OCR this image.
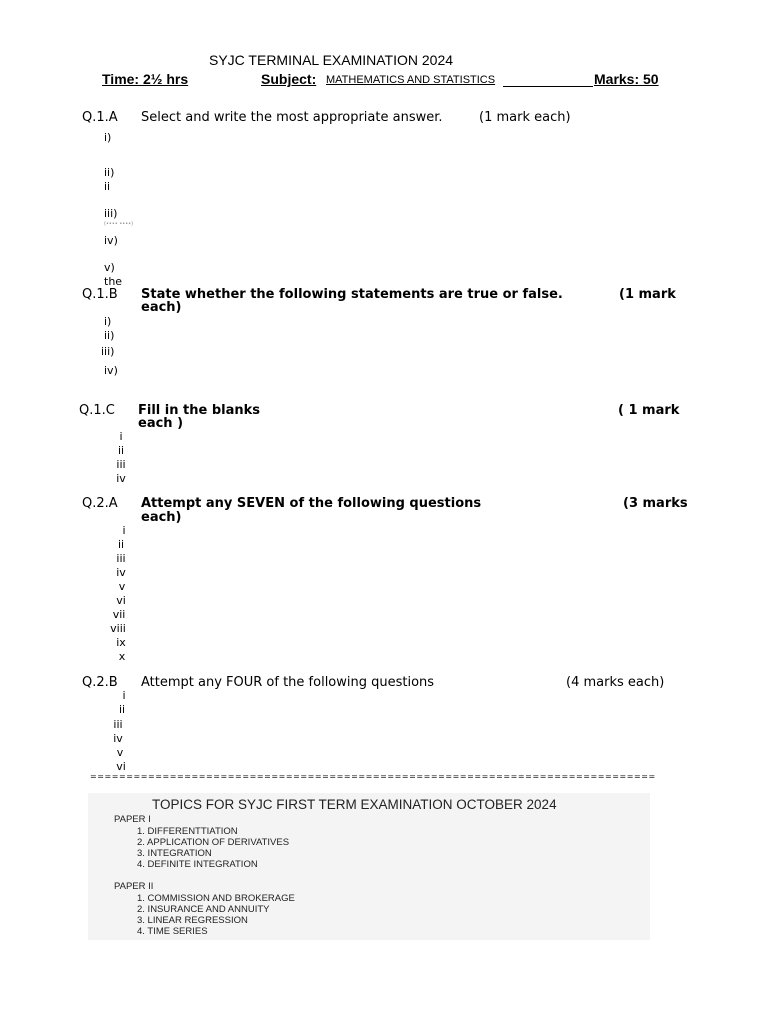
SYJC TERMINAL EXAMINATION 2024
Time: 2½ hrs	Subject: MATHEMATICS AND STATISTICS	Marks: 50
Q.1.A Select and write the most appropriate answer.	(1 mark each)
i)
ii)
ii
iii)
(•••• ••••)
iv)
v)
the
Q.1.B State whether the following statements are true or false.	(1 mark
each)
i)
ii)
iii)
iv)
Q.1.C Fill in the blanks	( 1 mark
each )
i
ii
iii
iv
Q.2.A Attempt any SEVEN of the following questions	(3 marks
each)
i
ii
iii
iv
v
vi
vii
viii
ix
x
Q.2.B Attempt any FOUR of the following questions	(4 marks each)
i
ii
iii
iv
v
vi
==============================================================================
TOPICS FOR SYJC FIRST TERM EXAMINATION OCTOBER 2024
PAPER I
1. DIFFERENTTIATION
2. APPLICATION OF DERIVATIVES
3. INTEGRATION
4. DEFINITE INTEGRATION
PAPER II
1. COMMISSION AND BROKERAGE
2. INSURANCE AND ANNUITY
3. LINEAR REGRESSION
4. TIME SERIES
